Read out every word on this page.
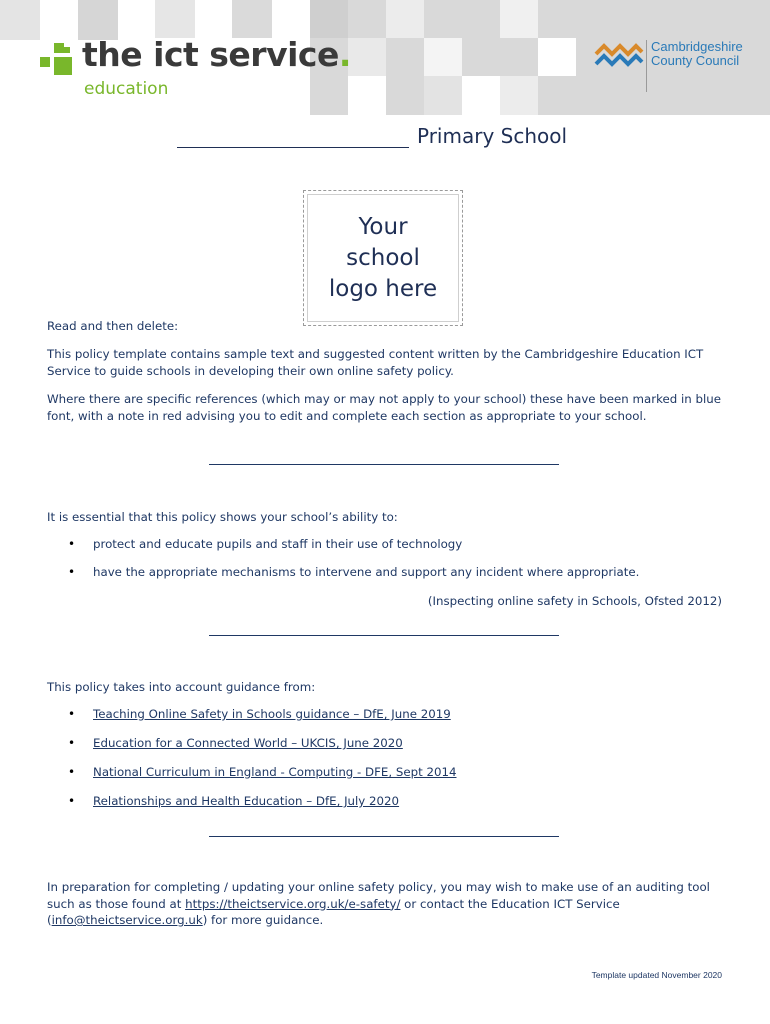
the ict service.
education
Cambridgeshire
County Council
Primary School
Your
school
logo here
Read and then delete:
This policy template contains sample text and suggested content written by the Cambridgeshire Education ICT Service to guide schools in developing their own online safety policy.
Where there are specific references (which may or may not apply to your school) these have been marked in blue font, with a note in red advising you to edit and complete each section as appropriate to your school.
It is essential that this policy shows your school’s ability to:
• protect and educate pupils and staff in their use of technology
• have the appropriate mechanisms to intervene and support any incident where appropriate.
(Inspecting online safety in Schools, Ofsted 2012)
This policy takes into account guidance from:
• Teaching Online Safety in Schools guidance – DfE, June 2019
• Education for a Connected World – UKCIS, June 2020
• National Curriculum in England - Computing - DFE, Sept 2014
• Relationships and Health Education – DfE, July 2020
In preparation for completing / updating your online safety policy, you may wish to make use of an auditing tool such as those found at https://theictservice.org.uk/e-safety/ or contact the Education ICT Service (info@theictservice.org.uk) for more guidance.
Template updated November 2020
